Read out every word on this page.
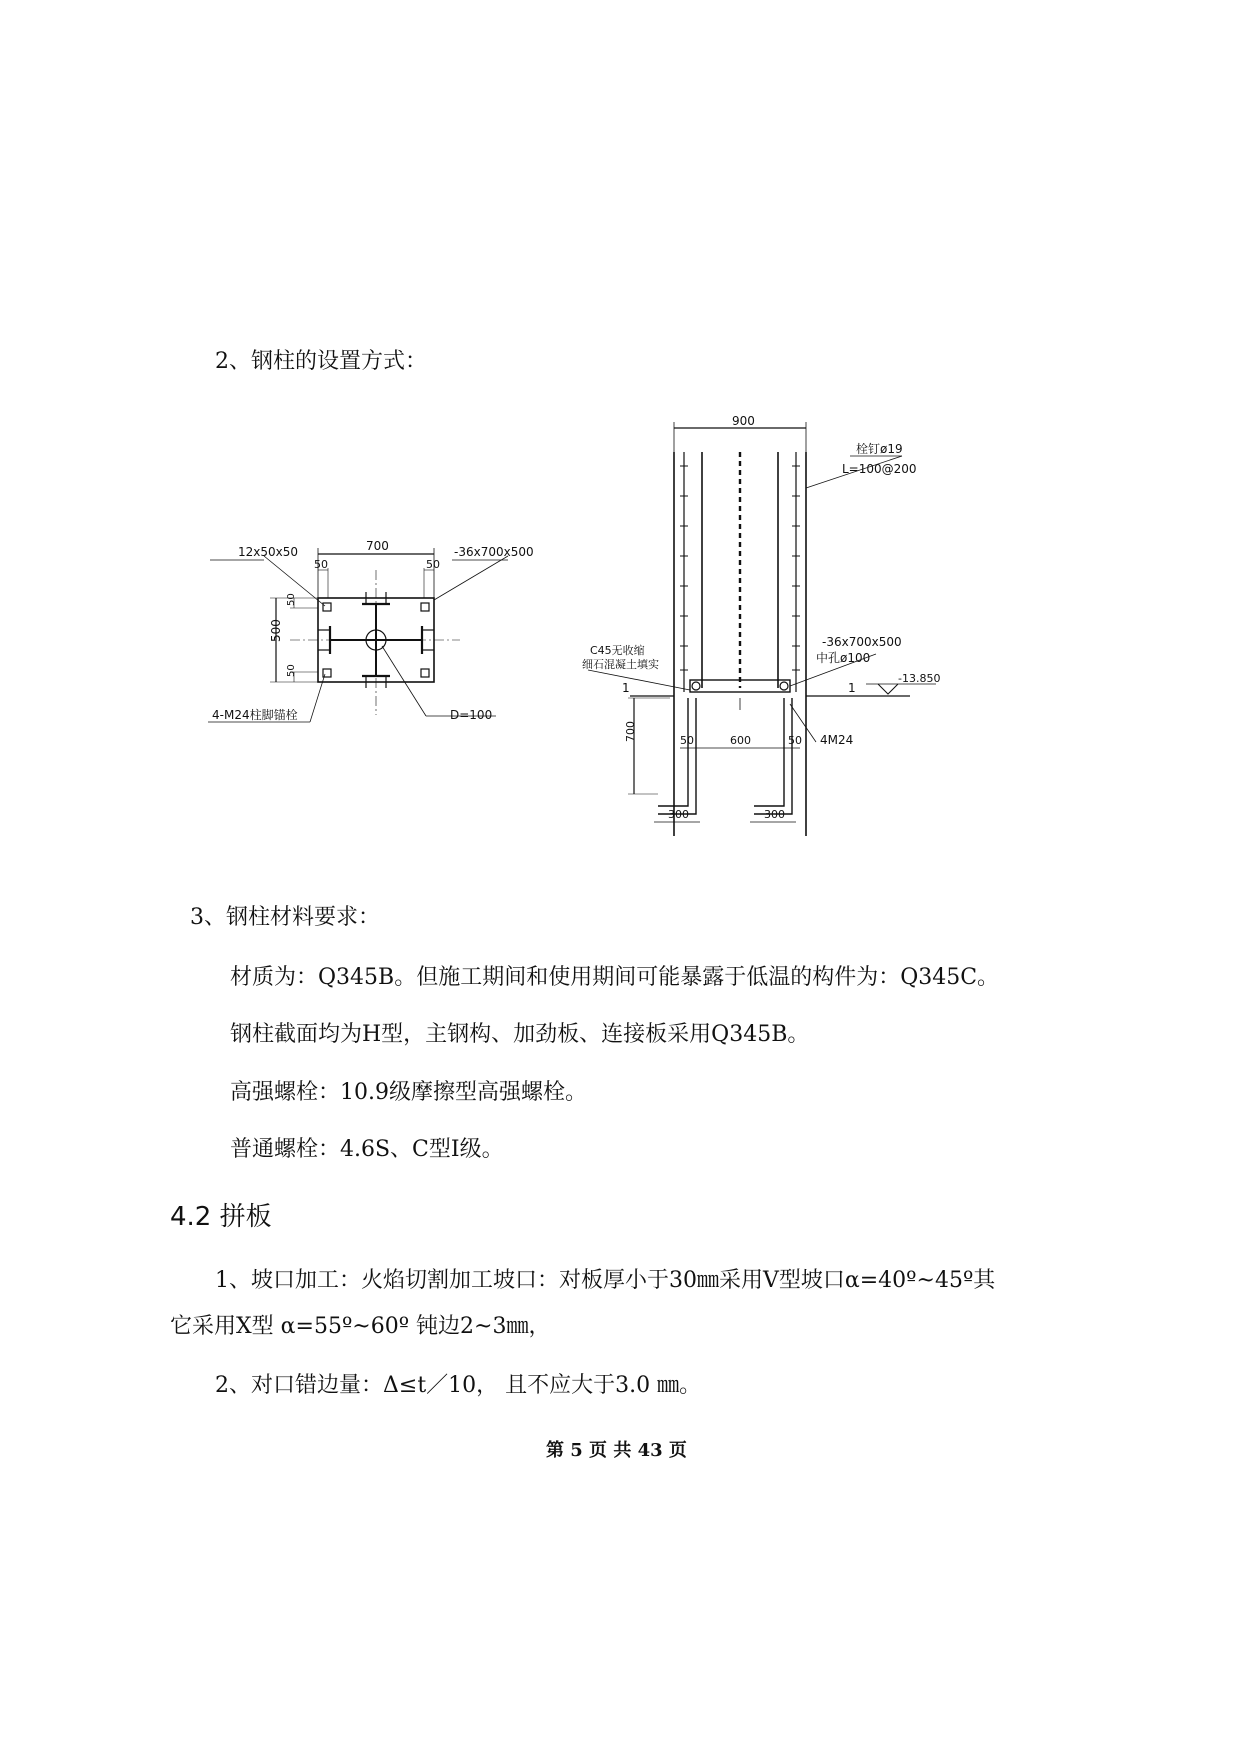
2、钢柱的设置方式：
700
50	50
500
50
50
12x50x50	-36x700x500
4-M24柱脚锚栓	D=100
900
栓钉ø19
L=100@200
C45无收缩
细石混凝土填实
-36x700x500
中孔ø100
1	1
-13.850
700	50	600	50 4M24
300	300
3、钢柱材料要求：
材质为：Q345B。但施工期间和使用期间可能暴露于低温的构件为：Q345C。
钢柱截面均为H型，主钢构、加劲板、连接板采用Q345B。
高强螺栓：10.9级摩擦型高强螺栓。
普通螺栓：4.6S、C型Ⅰ级。
4.2 拼板
1、坡口加工：火焰切割加工坡口：对板厚小于30㎜采用V型坡口α=40º~45º其
它采用X型 α=55º~60º 钝边2~3㎜，
2、对口错边量：Δ≤t／10， 且不应大于3.0 ㎜。
第 5 页 共 43 页
